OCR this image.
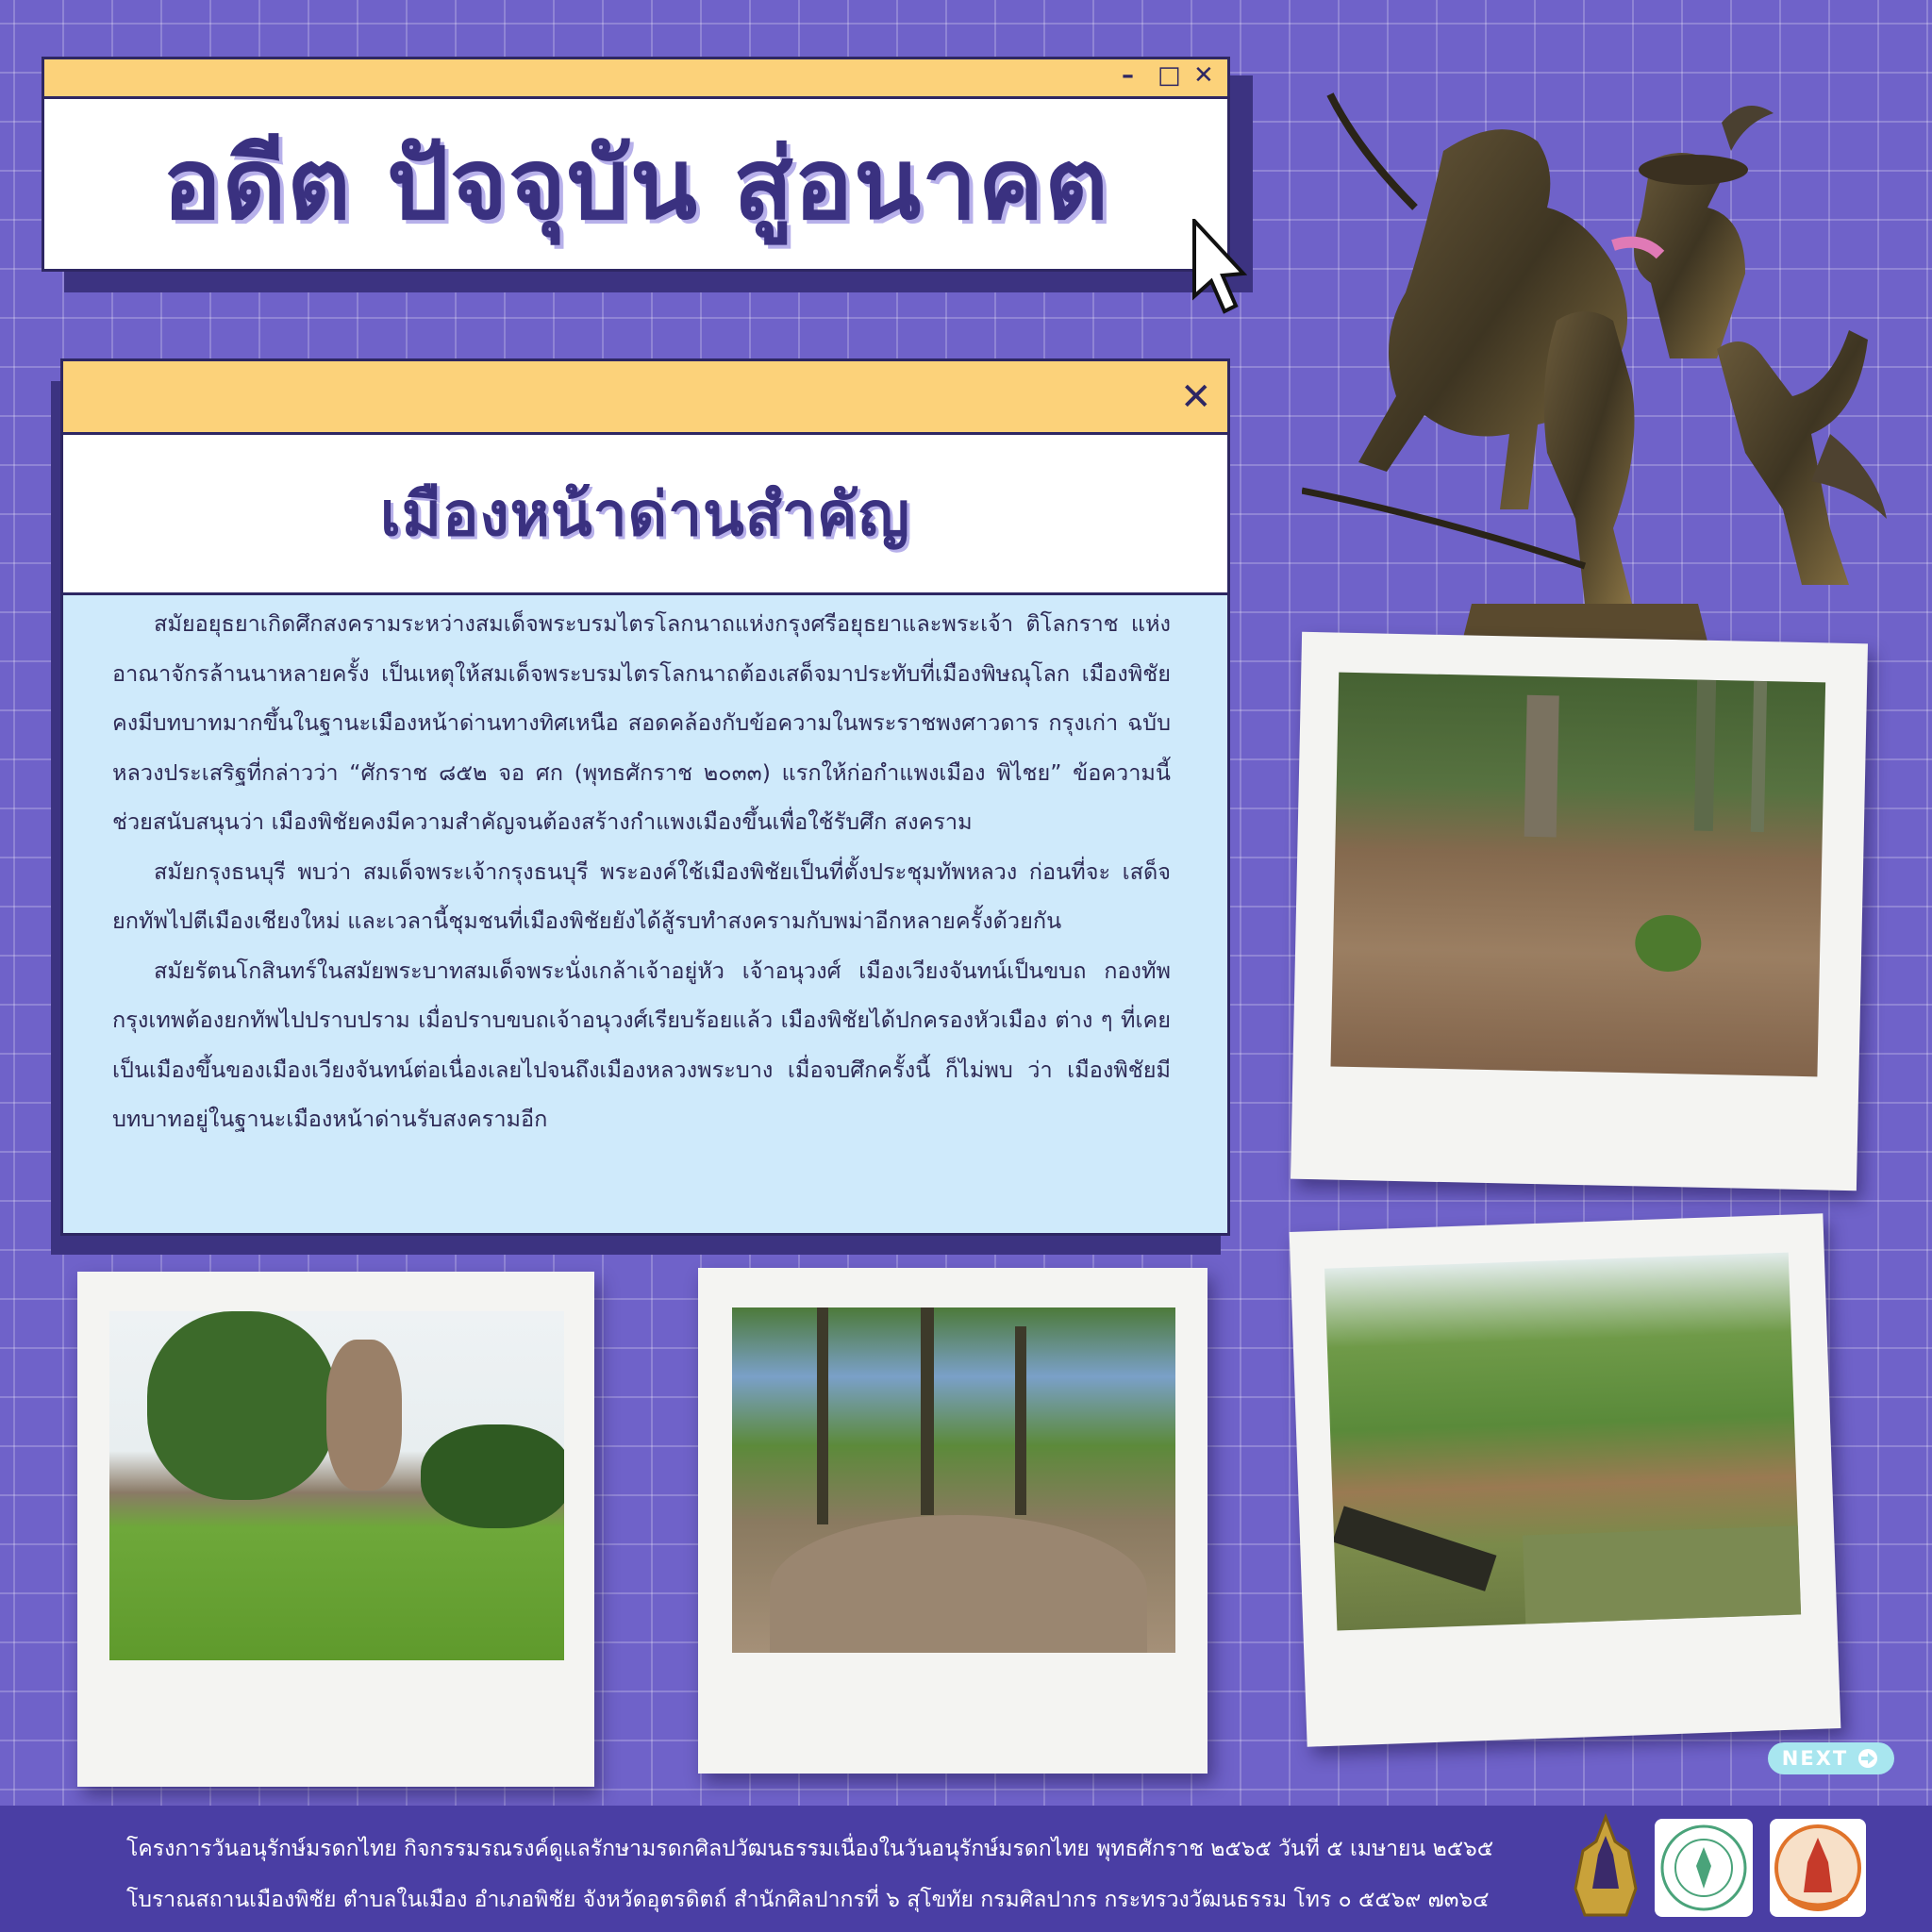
– □ ✕
อดีต ปัจจุบัน สู่อนาคต
✕
เมืองหน้าด่านสำคัญ

สมัยอยุธยาเกิดศึกสงครามระหว่างสมเด็จพระบรมไตรโลกนาถแห่งกรุงศรีอยุธยาและพระเจ้า ติโลกราช แห่งอาณาจักรล้านนาหลายครั้ง เป็นเหตุให้สมเด็จพระบรมไตรโลกนาถต้องเสด็จมาประทับที่เมืองพิษณุโลก เมืองพิชัยคงมีบทบาทมากขึ้นในฐานะเมืองหน้าด่านทางทิศเหนือ สอดคล้องกับข้อความในพระราชพงศาวดาร กรุงเก่า ฉบับหลวงประเสริฐที่กล่าวว่า “ศักราช ๘๕๒ จอ ศก (พุทธศักราช ๒๐๓๓) แรกให้ก่อกำแพงเมือง พิไชย” ข้อความนี้ช่วยสนับสนุนว่า เมืองพิชัยคงมีความสำคัญจนต้องสร้างกำแพงเมืองขึ้นเพื่อใช้รับศึก สงคราม

สมัยกรุงธนบุรี พบว่า สมเด็จพระเจ้ากรุงธนบุรี พระองค์ใช้เมืองพิชัยเป็นที่ตั้งประชุมทัพหลวง ก่อนที่จะ เสด็จยกทัพไปตีเมืองเชียงใหม่ และเวลานี้ชุมชนที่เมืองพิชัยยังได้สู้รบทำสงครามกับพม่าอีกหลายครั้งด้วยกัน

สมัยรัตนโกสินทร์ในสมัยพระบาทสมเด็จพระนั่งเกล้าเจ้าอยู่หัว เจ้าอนุวงศ์ เมืองเวียงจันทน์เป็นขบถ กองทัพกรุงเทพต้องยกทัพไปปราบปราม เมื่อปราบขบถเจ้าอนุวงศ์เรียบร้อยแล้ว เมืองพิชัยได้ปกครองหัวเมือง ต่าง ๆ ที่เคยเป็นเมืองขึ้นของเมืองเวียงจันทน์ต่อเนื่องเลยไปจนถึงเมืองหลวงพระบาง เมื่อจบศึกครั้งนี้ ก็ไม่พบ ว่า เมืองพิชัยมีบทบาทอยู่ในฐานะเมืองหน้าด่านรับสงครามอีก

NEXT
โครงการวันอนุรักษ์มรดกไทย กิจกรรมรณรงค์ดูแลรักษามรดกศิลปวัฒนธรรมเนื่องในวันอนุรักษ์มรดกไทย พุทธศักราช ๒๕๖๕ วันที่ ๕ เมษายน ๒๕๖๕
โบราณสถานเมืองพิชัย ตำบลในเมือง อำเภอพิชัย จังหวัดอุตรดิตถ์ สำนักศิลปากรที่ ๖ สุโขทัย กรมศิลปากร กระทรวงวัฒนธรรม โทร ๐ ๕๕๖๙ ๗๓๖๔
